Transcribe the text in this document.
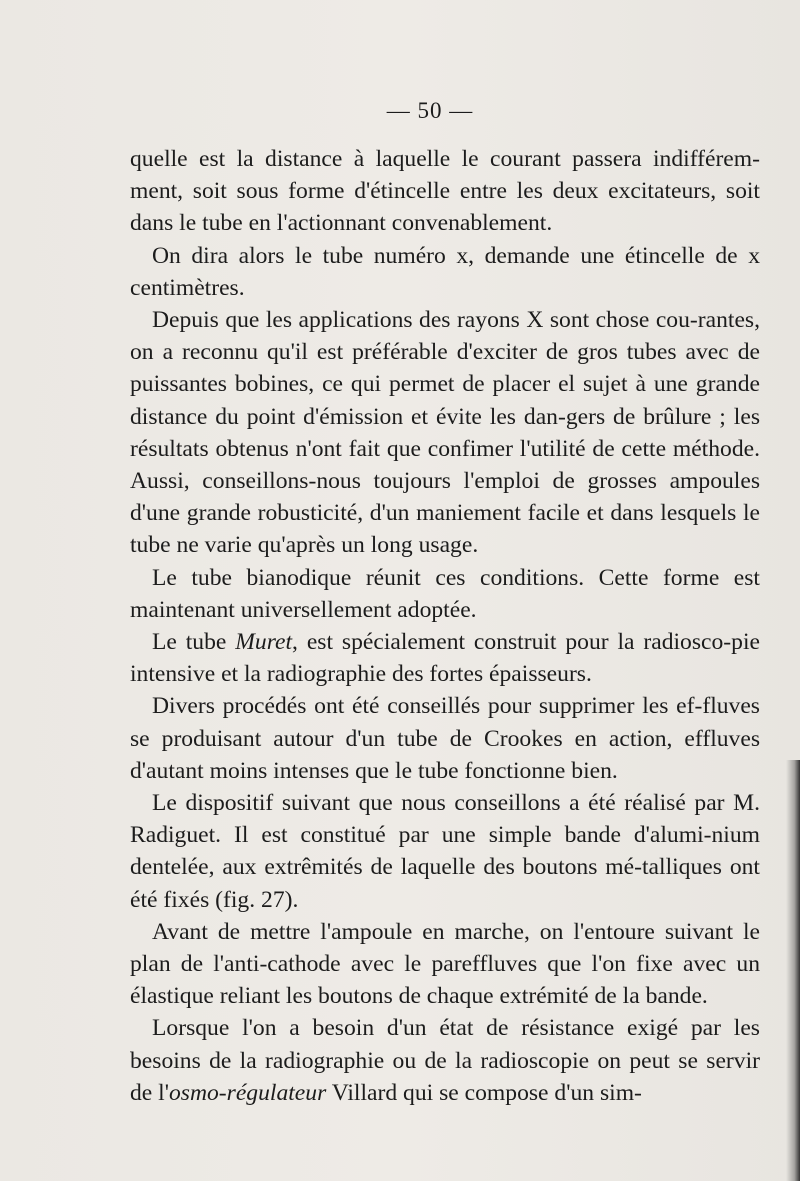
— 50 —

quelle est la distance à laquelle le courant passera indifférem-ment, soit sous forme d'étincelle entre les deux excitateurs, soit dans le tube en l'actionnant convenablement.

On dira alors le tube numéro x, demande une étincelle de x centimètres.

Depuis que les applications des rayons X sont chose cou-rantes, on a reconnu qu'il est préférable d'exciter de gros tubes avec de puissantes bobines, ce qui permet de placer el sujet à une grande distance du point d'émission et évite les dan-gers de brûlure ; les résultats obtenus n'ont fait que confimer l'utilité de cette méthode. Aussi, conseillons-nous toujours l'emploi de grosses ampoules d'une grande robusticité, d'un maniement facile et dans lesquels le tube ne varie qu'après un long usage.

Le tube bianodique réunit ces conditions. Cette forme est maintenant universellement adoptée.

Le tube Muret, est spécialement construit pour la radiosco-pie intensive et la radiographie des fortes épaisseurs.

Divers procédés ont été conseillés pour supprimer les ef-fluves se produisant autour d'un tube de Crookes en action, effluves d'autant moins intenses que le tube fonctionne bien.

Le dispositif suivant que nous conseillons a été réalisé par M. Radiguet. Il est constitué par une simple bande d'alumi-nium dentelée, aux extrêmités de laquelle des boutons mé-talliques ont été fixés (fig. 27).

Avant de mettre l'ampoule en marche, on l'entoure suivant le plan de l'anti-cathode avec le pareffluves que l'on fixe avec un élastique reliant les boutons de chaque extrémité de la bande.

Lorsque l'on a besoin d'un état de résistance exigé par les besoins de la radiographie ou de la radioscopie on peut se servir de l'osmo-régulateur Villard qui se compose d'un sim-
